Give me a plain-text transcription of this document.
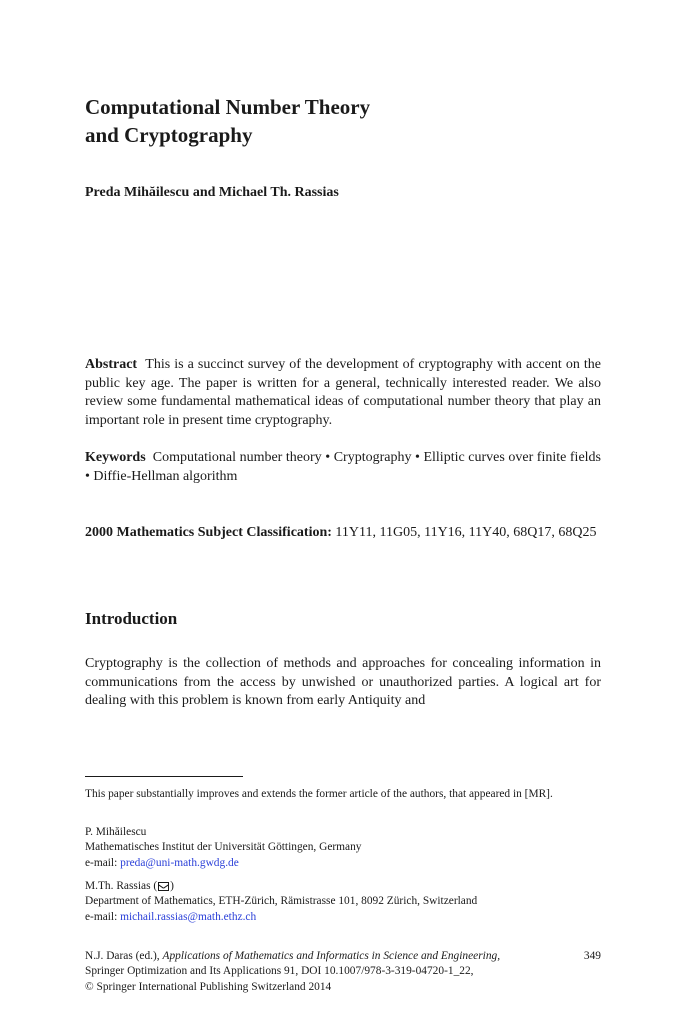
Computational Number Theory
and Cryptography
Preda Mihăilescu and Michael Th. Rassias
Abstract This is a succinct survey of the development of cryptography with accent on the public key age. The paper is written for a general, technically interested reader. We also review some fundamental mathematical ideas of computational number theory that play an important role in present time cryptography.
Keywords Computational number theory • Cryptography • Elliptic curves over finite fields • Diffie-Hellman algorithm
2000 Mathematics Subject Classification: 11Y11, 11G05, 11Y16, 11Y40, 68Q17, 68Q25
Introduction
Cryptography is the collection of methods and approaches for concealing information in communications from the access by unwished or unauthorized parties. A logical art for dealing with this problem is known from early Antiquity and
This paper substantially improves and extends the former article of the authors, that appeared in [MR].
P. Mihăilescu
Mathematisches Institut der Universität Göttingen, Germany
e-mail: preda@uni-math.gwdg.de
M.Th. Rassias ( )
Department of Mathematics, ETH-Zürich, Rämistrasse 101, 8092 Zürich, Switzerland
e-mail: michail.rassias@math.ethz.ch
N.J. Daras (ed.), Applications of Mathematics and Informatics in Science and Engineering,	349
Springer Optimization and Its Applications 91, DOI 10.1007/978-3-319-04720-1_22,
© Springer International Publishing Switzerland 2014
